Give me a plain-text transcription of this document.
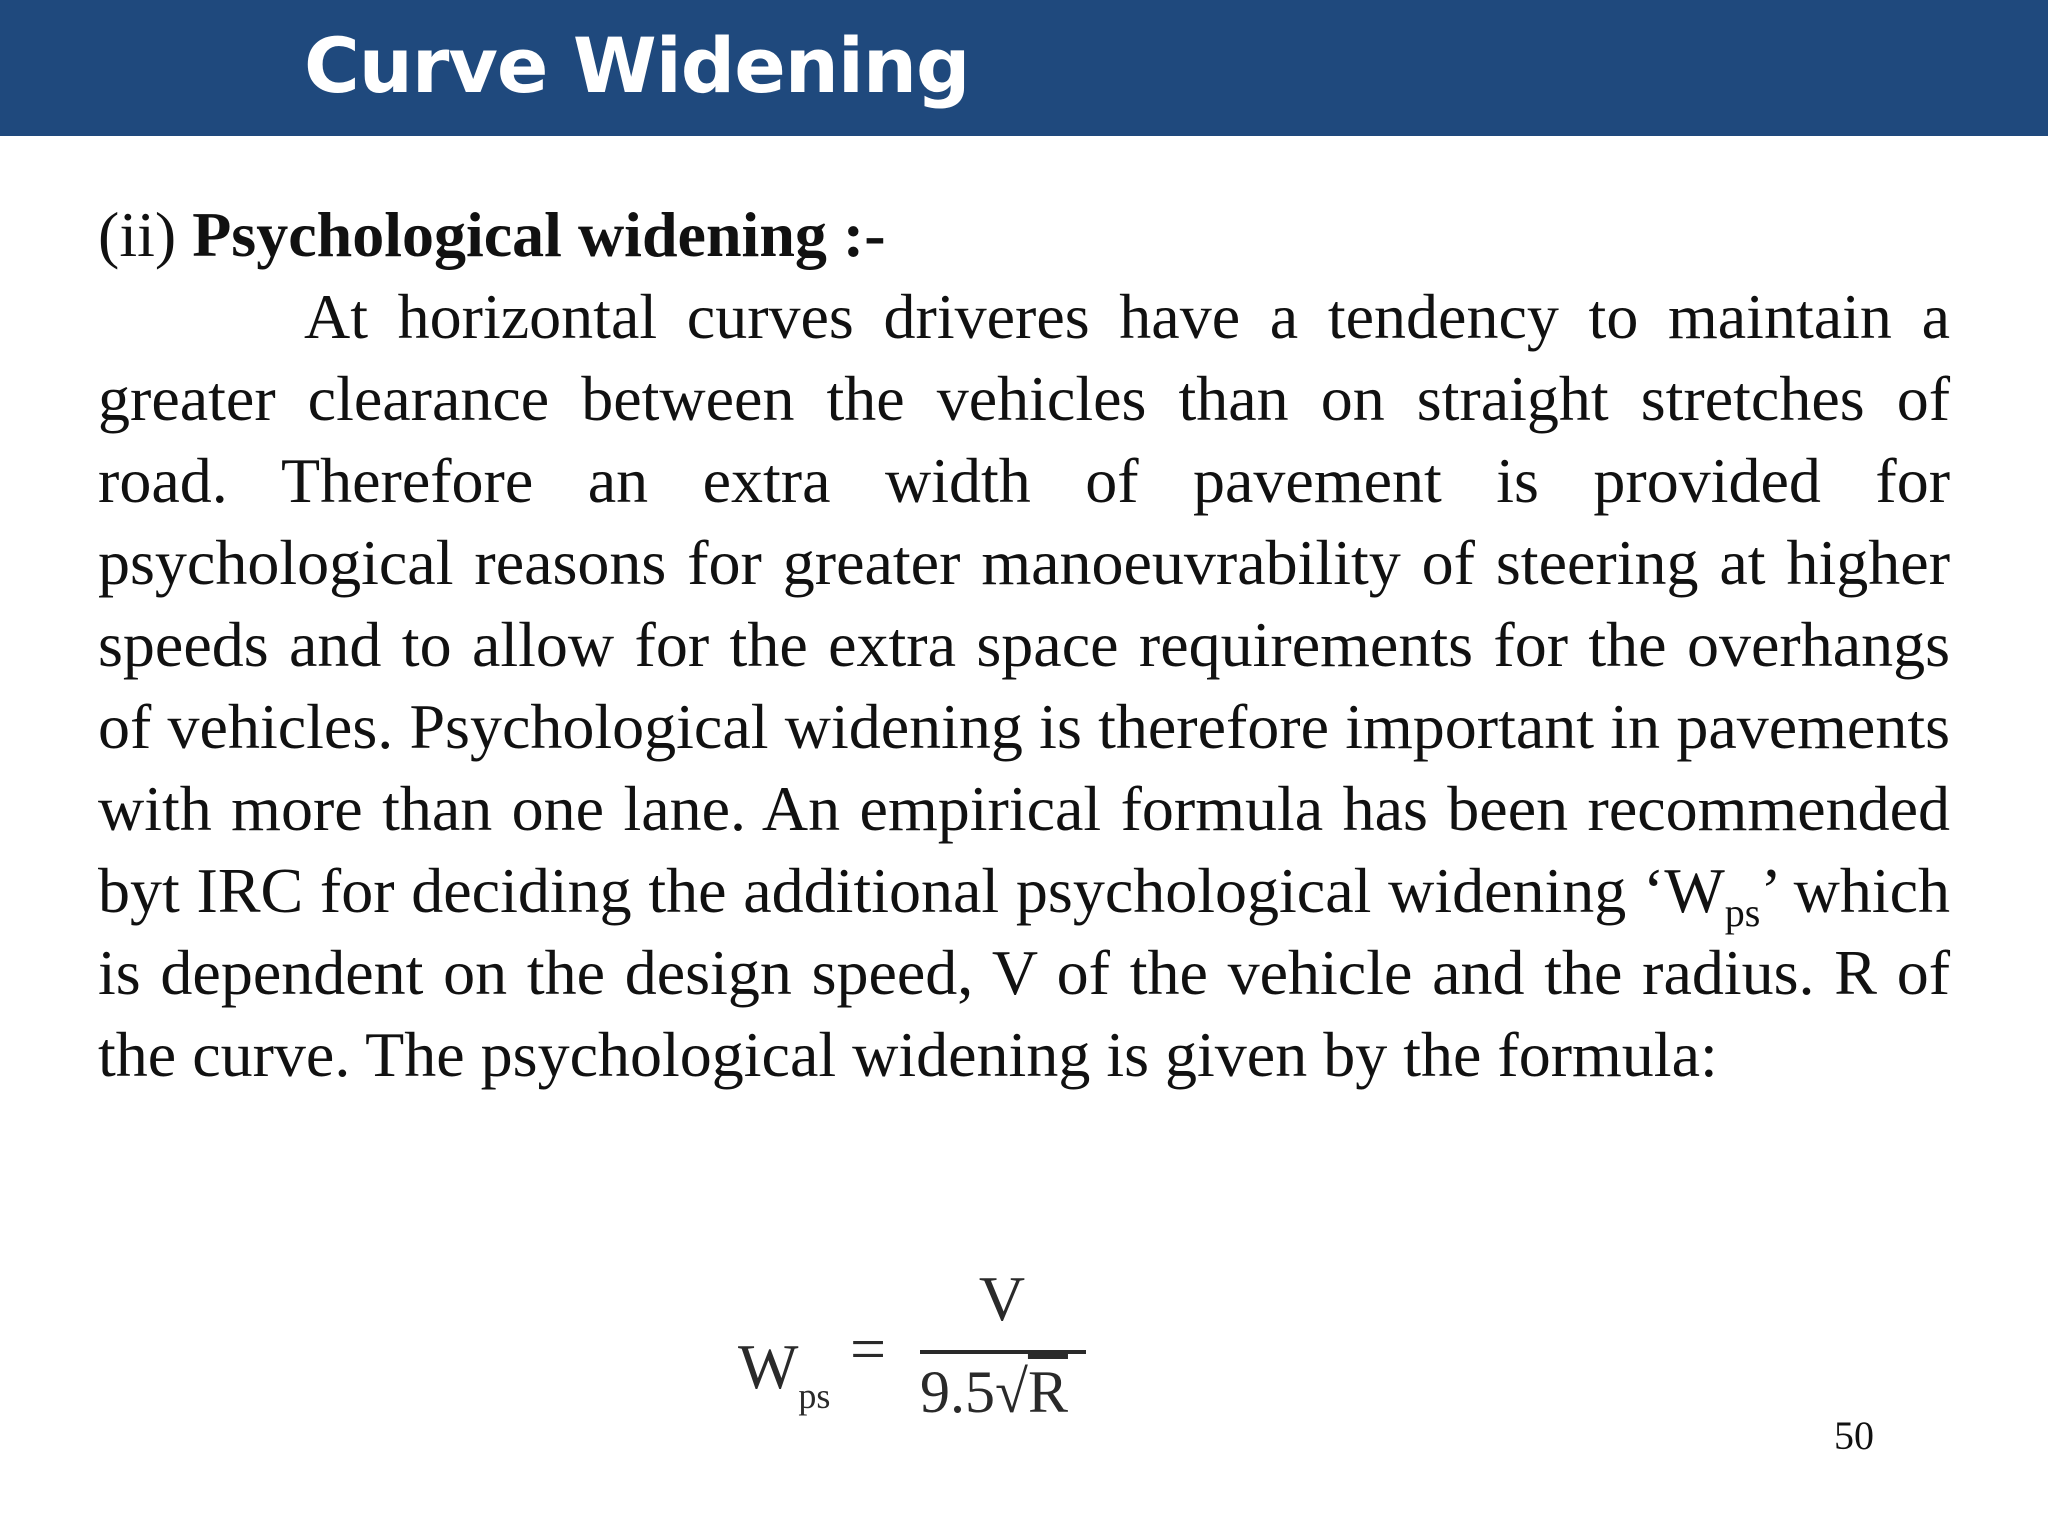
Curve Widening

(ii) Psychological widening :-

At horizontal curves driveres have a tendency to maintain a greater clearance between the vehicles than on straight stretches of road. Therefore an extra width of pavement is provided for psychological reasons for greater manoeuvrability of steering at higher speeds and to allow for the extra space requirements for the overhangs of vehicles. Psychological widening is therefore important in pavements with more than one lane. An empirical formula has been recommended byt IRC for deciding the additional psychological widening ‘$W_{ps}$’ which is dependent on the design speed, V of the vehicle and the radius. R of the curve. The psychological widening is given by the formula:

$W_{ps}$
=
V
9.5√R
50
